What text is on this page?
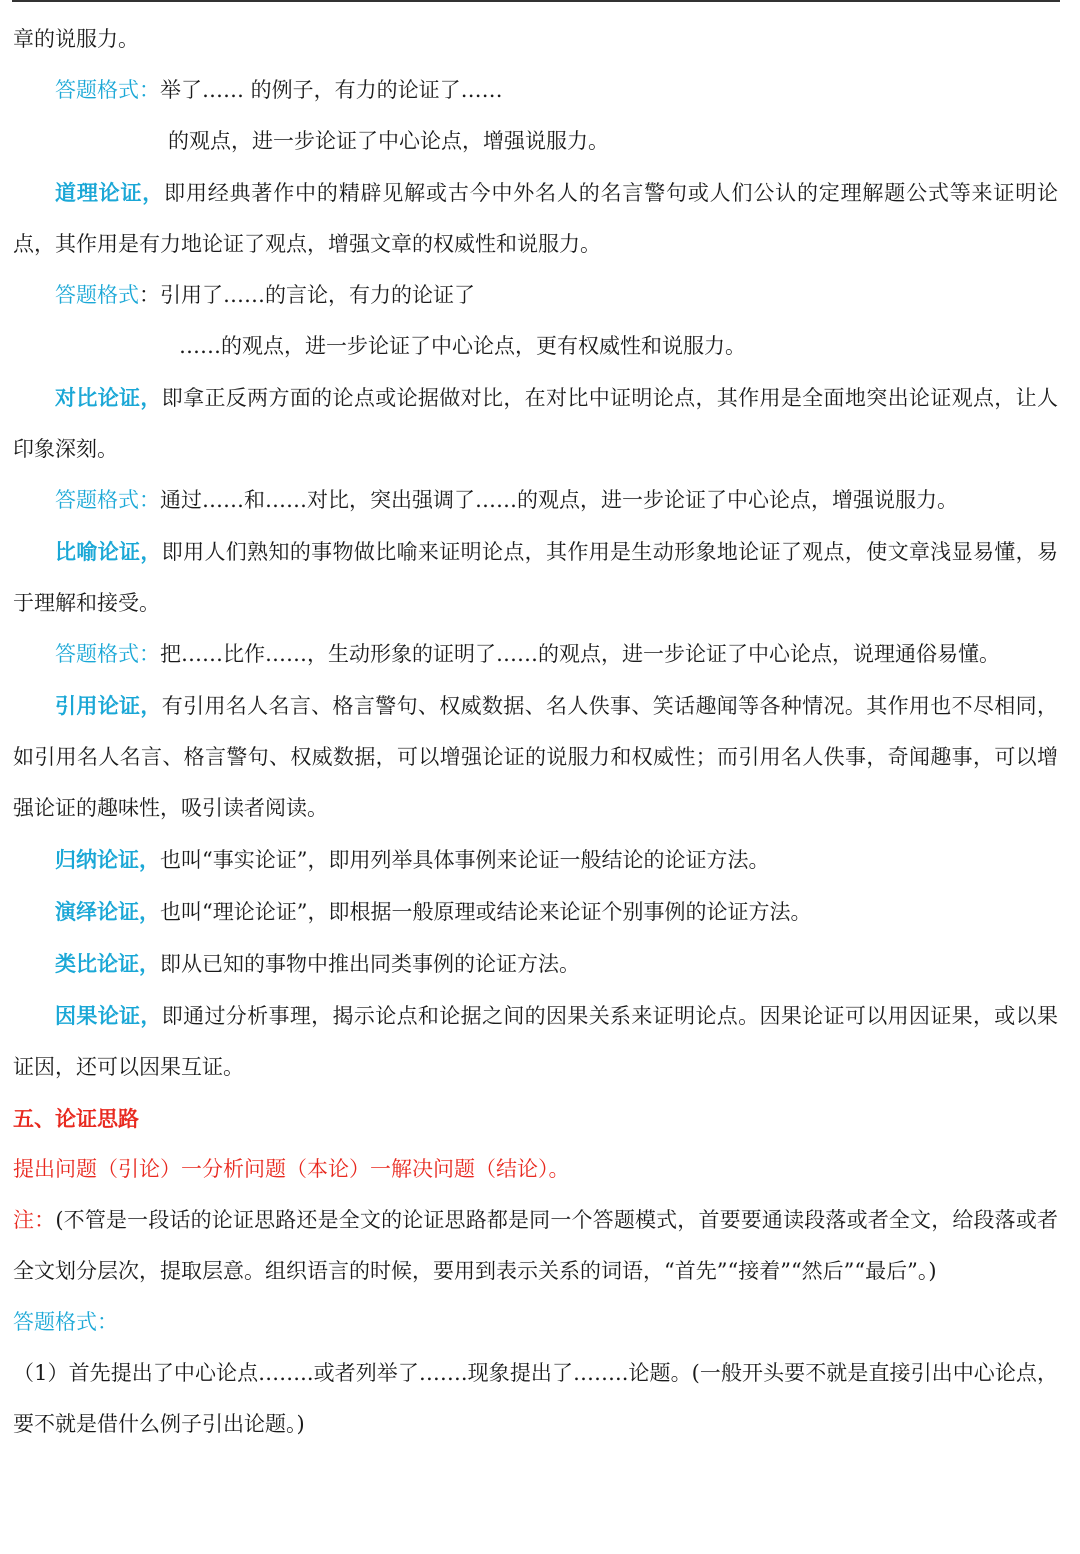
章的说服力。

答题格式：举了…… 的例子，有力的论证了……

的观点，进一步论证了中心论点，增强说服力。

道理论证，即用经典著作中的精辟见解或古今中外名人的名言警句或人们公认的定理解题公式等来证明论点，其作用是有力地论证了观点，增强文章的权威性和说服力。

答题格式：引用了……的言论，有力的论证了

……的观点，进一步论证了中心论点，更有权威性和说服力。

对比论证，即拿正反两方面的论点或论据做对比，在对比中证明论点，其作用是全面地突出论证观点，让人印象深刻。

答题格式：通过……和……对比，突出强调了……的观点，进一步论证了中心论点，增强说服力。

比喻论证，即用人们熟知的事物做比喻来证明论点，其作用是生动形象地论证了观点，使文章浅显易懂，易于理解和接受。

答题格式：把……比作……，生动形象的证明了……的观点，进一步论证了中心论点，说理通俗易懂。

引用论证，有引用名人名言、格言警句、权威数据、名人佚事、笑话趣闻等各种情况。其作用也不尽相同，如引用名人名言、格言警句、权威数据，可以增强论证的说服力和权威性；而引用名人佚事，奇闻趣事，可以增强论证的趣味性，吸引读者阅读。

归纳论证，也叫“事实论证”，即用列举具体事例来论证一般结论的论证方法。

演绎论证，也叫“理论论证”，即根据一般原理或结论来论证个别事例的论证方法。

类比论证，即从已知的事物中推出同类事例的论证方法。

因果论证，即通过分析事理，揭示论点和论据之间的因果关系来证明论点。因果论证可以用因证果，或以果证因，还可以因果互证。

五、论证思路

提出问题（引论）一分析问题（本论）一解决问题（结论）。

注：(不管是一段话的论证思路还是全文的论证思路都是同一个答题模式，首要要通读段落或者全文，给段落或者全文划分层次，提取层意。组织语言的时候，要用到表示关系的词语，“首先”“接着”“然后”“最后”。)

答题格式：

（1）首先提出了中心论点……..或者列举了…….现象提出了……..论题。(一般开头要不就是直接引出中心论点，要不就是借什么例子引出论题。)
